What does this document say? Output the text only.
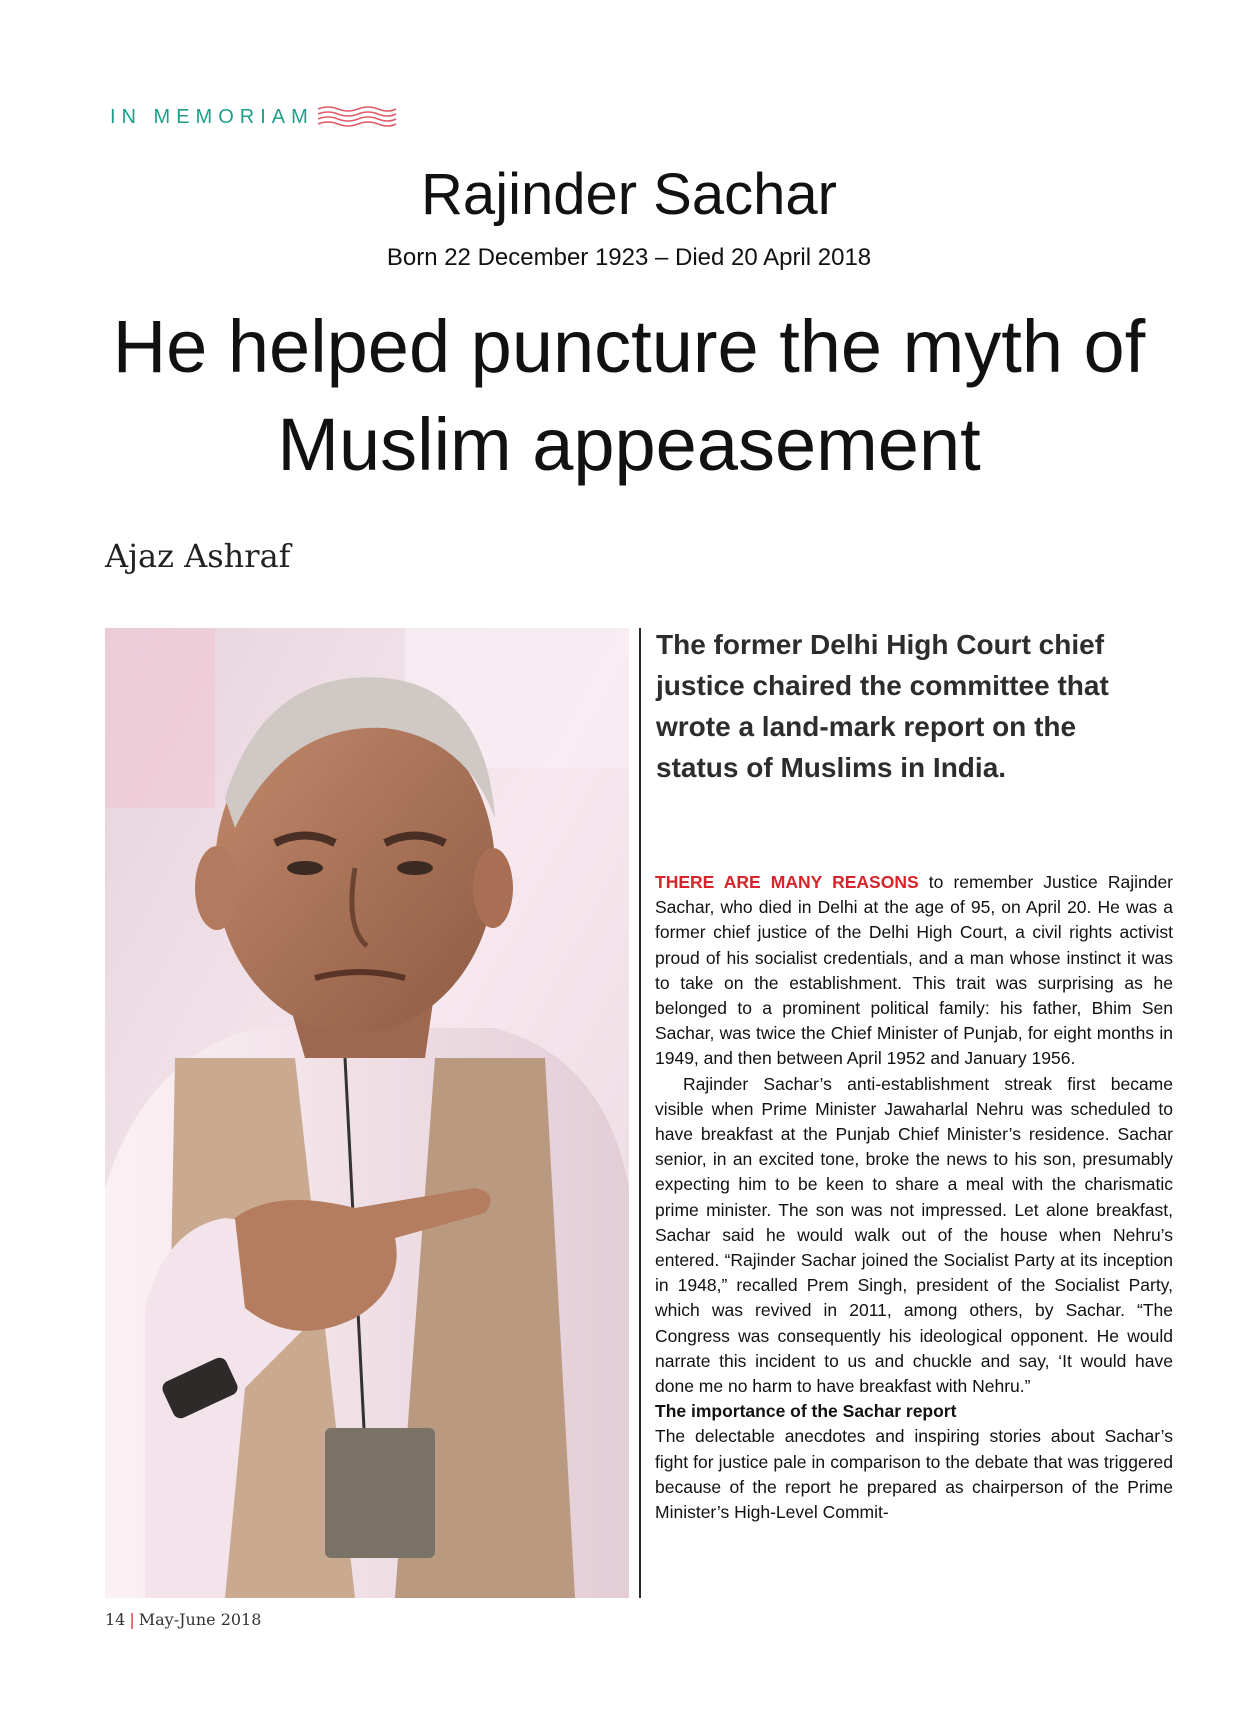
IN MEMORIAM
Rajinder Sachar
Born 22 December 1923 – Died 20 April 2018
He helped puncture the myth of Muslim appeasement
Ajaz Ashraf
The former Delhi High Court chief justice chaired the committee that wrote a land-mark report on the status of Muslims in India.

THERE ARE MANY REASONS to remember Justice Rajinder Sachar, who died in Delhi at the age of 95, on April 20. He was a former chief justice of the Delhi High Court, a civil rights activist proud of his socialist credentials, and a man whose instinct it was to take on the establishment. This trait was surprising as he belonged to a prominent political family: his father, Bhim Sen Sachar, was twice the Chief Minister of Punjab, for eight months in 1949, and then between April 1952 and January 1956.

Rajinder Sachar’s anti-establishment streak first became visible when Prime Minister Jawaharlal Nehru was scheduled to have breakfast at the Punjab Chief Minister’s residence. Sachar senior, in an excited tone, broke the news to his son, presumably expecting him to be keen to share a meal with the charismatic prime minister. The son was not impressed. Let alone breakfast, Sachar said he would walk out of the house when Nehru’s entered. “Rajinder Sachar joined the Socialist Party at its inception in 1948,” recalled Prem Singh, president of the Socialist Party, which was revived in 2011, among others, by Sachar. “The Congress was consequently his ideological opponent. He would narrate this incident to us and chuckle and say, ‘It would have done me no harm to have breakfast with Nehru.”

The importance of the Sachar report

The delectable anecdotes and inspiring stories about Sachar’s fight for justice pale in comparison to the debate that was triggered because of the report he prepared as chairperson of the Prime Minister’s High-Level Commit-

14 | May-June 2018
